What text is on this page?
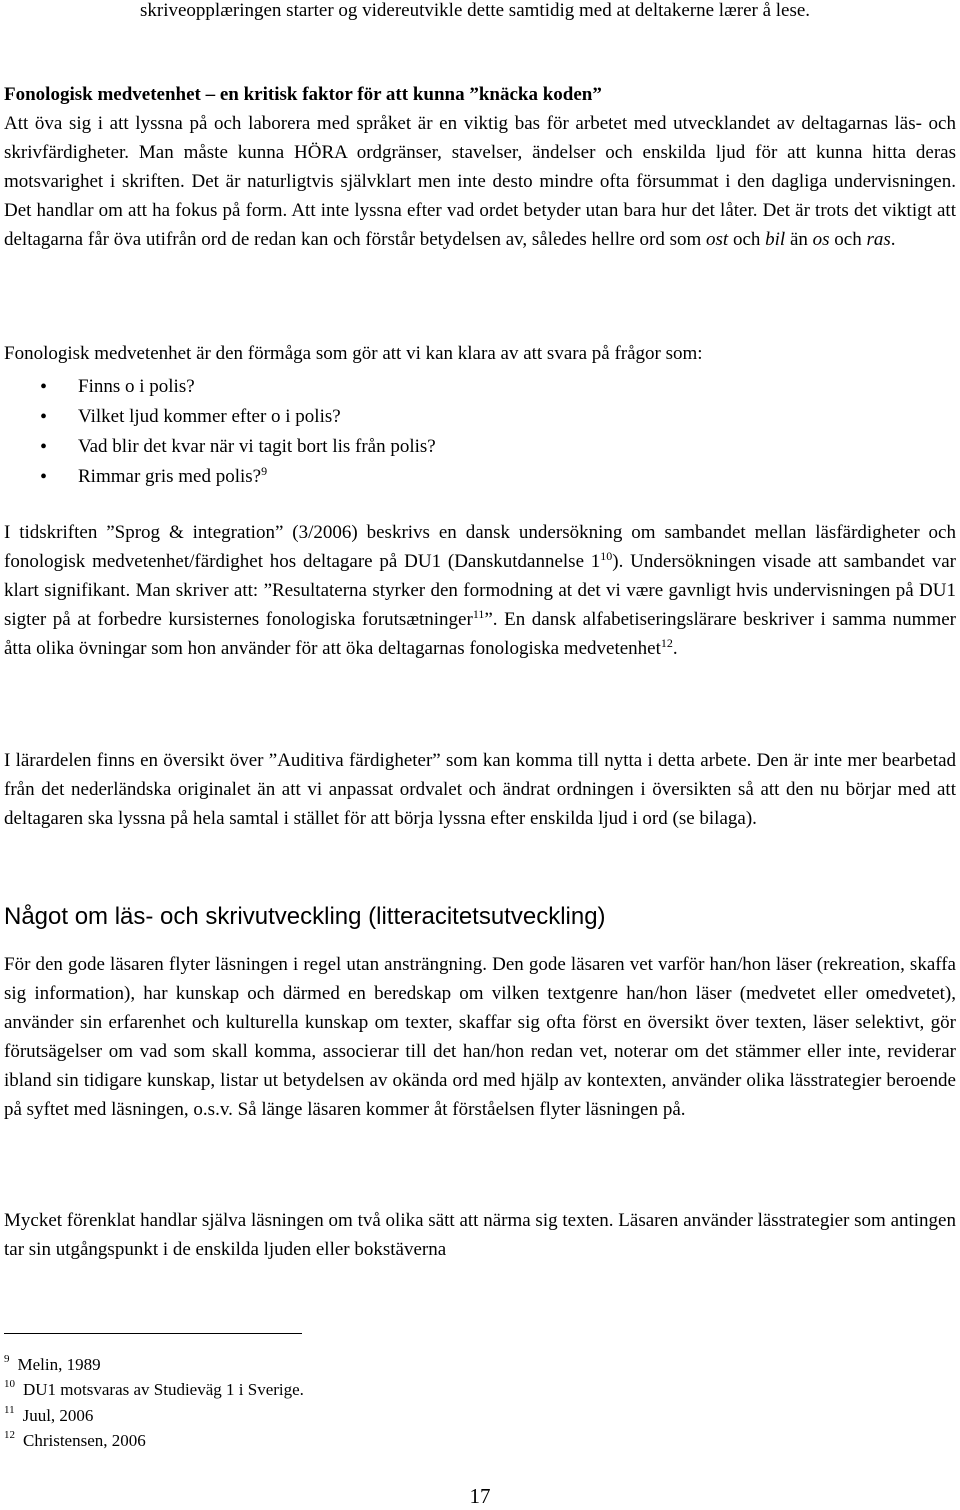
skriveopplæringen starter og videreutvikle dette samtidig med at deltakerne lærer å lese.

Fonologisk medvetenhet – en kritisk faktor för att kunna ”knäcka koden”
Att öva sig i att lyssna på och laborera med språket är en viktig bas för arbetet med utvecklandet av deltagarnas läs- och skrivfärdigheter. Man måste kunna HÖRA ordgränser, stavelser, ändelser och enskilda ljud för att kunna hitta deras motsvarighet i skriften. Det är naturligtvis självklart men inte desto mindre ofta försummat i den dagliga undervisningen. Det handlar om att ha fokus på form. Att inte lyssna efter vad ordet betyder utan bara hur det låter. Det är trots det viktigt att deltagarna får öva utifrån ord de redan kan och förstår betydelsen av, således hellre ord som ost och bil än os och ras.

Fonologisk medvetenhet är den förmåga som gör att vi kan klara av att svara på frågor som:

• Finns o i polis?
• Vilket ljud kommer efter o i polis?
• Vad blir det kvar när vi tagit bort lis från polis?
• Rimmar gris med polis?$^9$

I tidskriften ”Sprog & integration” (3/2006) beskrivs en dansk undersökning om sambandet mellan läsfärdigheter och fonologisk medvetenhet/färdighet hos deltagare på DU1 (Danskutdannelse $1^{10}$). Undersökningen visade att sambandet var klart signifikant. Man skriver att: ”Resultaterna styrker den formodning at det vi være gavnligt hvis undervisningen på DU1 sigter på at forbedre kursisternes fonologiska forutsætninger$^{11}$”. En dansk alfabetiseringslärare beskriver i samma nummer åtta olika övningar som hon använder för att öka deltagarnas fonologiska medvetenhet$^{12}$.

I lärardelen finns en översikt över ”Auditiva färdigheter” som kan komma till nytta i detta arbete. Den är inte mer bearbetad från det nederländska originalet än att vi anpassat ordvalet och ändrat ordningen i översikten så att den nu börjar med att deltagaren ska lyssna på hela samtal i stället för att börja lyssna efter enskilda ljud i ord (se bilaga).

Något om läs- och skrivutveckling (litteracitetsutveckling)

För den gode läsaren flyter läsningen i regel utan ansträngning. Den gode läsaren vet varför han/hon läser (rekreation, skaffa sig information), har kunskap och därmed en beredskap om vilken textgenre han/hon läser (medvetet eller omedvetet), använder sin erfarenhet och kulturella kunskap om texter, skaffar sig ofta först en översikt över texten, läser selektivt, gör förutsägelser om vad som skall komma, associerar till det han/hon redan vet, noterar om det stämmer eller inte, reviderar ibland sin tidigare kunskap, listar ut betydelsen av okända ord med hjälp av kontexten, använder olika lässtrategier beroende på syftet med läsningen, o.s.v. Så länge läsaren kommer åt förståelsen flyter läsningen på.

Mycket förenklat handlar själva läsningen om två olika sätt att närma sig texten. Läsaren använder lässtrategier som antingen tar sin utgångspunkt i de enskilda ljuden eller bokstäverna

$^9$ Melin, 1989
$^{10}$ DU1 motsvaras av Studieväg 1 i Sverige.
$^{11}$ Juul, 2006
$^{12}$ Christensen, 2006
17
